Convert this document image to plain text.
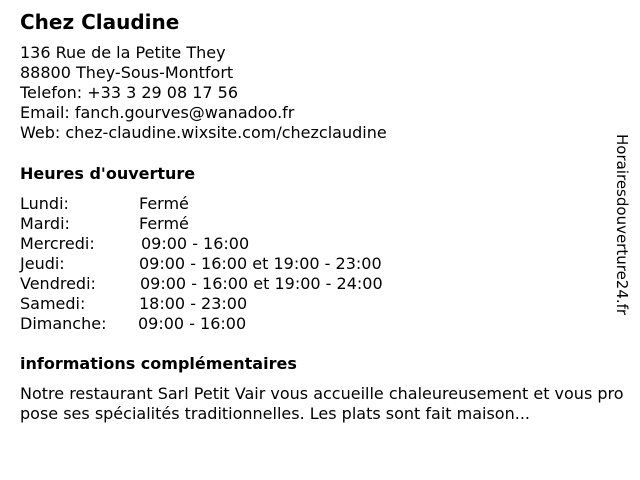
Chez Claudine
136 Rue de la Petite They
88800 They-Sous-Montfort
Telefon: +33 3 29 08 17 56
Email: fanch.gourves@wanadoo.fr
Web: chez-claudine.wixsite.com/chezclaudine
Heures d'ouverture
Lundi:	Fermé
Mardi:	Fermé
Mercredi:	09:00 - 16:00
Jeudi:	09:00 - 16:00 et 19:00 - 23:00
Vendredi:	09:00 - 16:00 et 19:00 - 24:00
Samedi:	18:00 - 23:00
Dimanche: 09:00 - 16:00
informations complémentaires
Notre restaurant Sarl Petit Vair vous accueille chaleureusement et vous propose ses spécialités traditionnelles. Les plats sont fait maison...
Horairesdouverture24.fr
